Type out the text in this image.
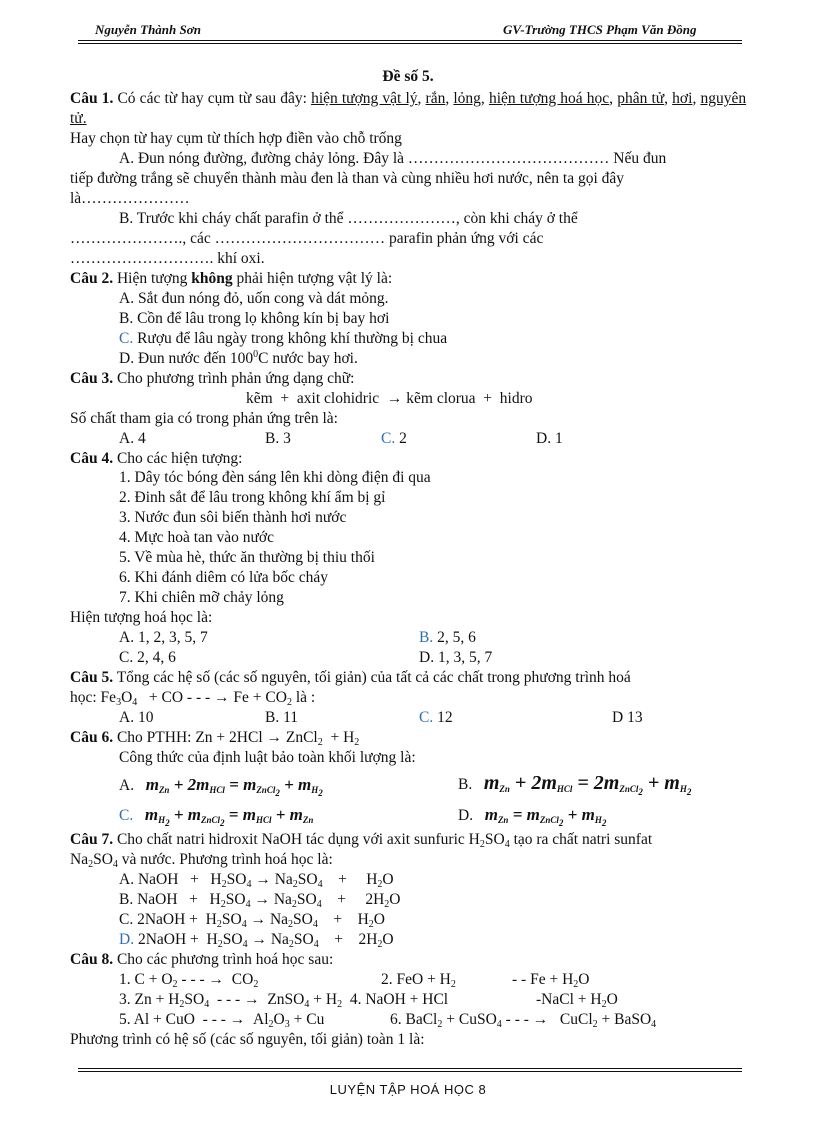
Nguyễn Thành Sơn	GV-Trường THCS Phạm Văn Đồng
Đề số 5.
Câu 1. Có các từ hay cụm từ sau đây: hiện tượng vật lý, rắn, lỏng, hiện tượng hoá học, phân tử, hơi, nguyên tử.
Hay chọn từ hay cụm từ thích hợp điền vào chỗ trống
A. Đun nóng đường, đường chảy lỏng. Đây là ………………………………… Nếu đun
tiếp đường trắng sẽ chuyển thành màu đen là than và cùng nhiều hơi nước, nên ta gọi đây
là…………………
B. Trước khi cháy chất parafin ở thể …………………, còn khi cháy ở thể
…………………., các …………………………… parafin phản ứng với các
………………………. khí oxi.
Câu 2. Hiện tượng không phải hiện tượng vật lý là:
A. Sắt đun nóng đỏ, uốn cong và dát mỏng.
B. Cồn để lâu trong lọ không kín bị bay hơi
C. Rượu để lâu ngày trong không khí thường bị chua
D. Đun nước đến $100^0C$ nước bay hơi.
Câu 3. Cho phương trình phản ứng dạng chữ:
kẽm  +  axit clohidric  → kẽm clorua  +  hidro
Số chất tham gia có trong phản ứng trên là:
A. 4	B. 3	C. 2	D. 1
Câu 4. Cho các hiện tượng:
1. Dây tóc bóng đèn sáng lên khi dòng điện đi qua
2. Đinh sắt để lâu trong không khí ẩm bị gỉ
3. Nước đun sôi biến thành hơi nước
4. Mực hoà tan vào nước
5. Về mùa hè, thức ăn thường bị thiu thối
6. Khi đánh diêm có lửa bốc cháy
7. Khi chiên mỡ chảy lỏng
Hiện tượng hoá học là:
A. 1, 2, 3, 5, 7	B. 2, 5, 6
C. 2, 4, 6	D. 1, 3, 5, 7
Câu 5. Tổng các hệ số (các số nguyên, tối giản) của tất cả các chất trong phương trình hoá
học: $Fe_3O_4$ + CO - - - → $Fe + CO_2$ là :
A. 10	B. 11	C. 12	D 13
Câu 6. Cho PTHH: Zn + 2HCl → ZnCl$_2$ + $H_2$
Công thức của định luật bảo toàn khối lượng là:
A. $m_{Zn} + 2m_{HCl} = m_{ZnCl_2} + m_{H_2}$	B. $m_{Zn} + 2m_{HCl} = 2m_{ZnCl_2} + m_{H_2}$
C. $m_{H_2} + m_{ZnCl_2} = m_{HCl} + m_{Zn}$	D. $m_{Zn} = m_{ZnCl_2} + m_{H_2}$
Câu 7. Cho chất natri hidroxit NaOH tác dụng với axit sunfuric $H_2SO_4$ tạo ra chất natri sunfat
$Na_2SO_4$ và nước. Phương trình hoá học là:
A. NaOH   +   $H_2SO_4 \to Na_2SO_4$    +     $H_2O$
B. NaOH   +   $H_2SO_4 \to Na_2SO_4$    +     $2H_2O$
C. 2NaOH +  $H_2SO_4 \to Na_2SO_4$    +    $H_2O$
D. 2NaOH +  $H_2SO_4 \to Na_2SO_4$    +    $2H_2O$
Câu 8. Cho các phương trình hoá học sau:
1. $C + O_2$ - - - →  $CO_2$	2. FeO + $H_2$	- - $Fe + H_2O$
3. $Zn + H_2SO_4$  - - - →  ZnSO$_4$ + $H_2$  4. NaOH + HCl	-NaCl + $H_2O$
5. Al + CuO  - - - →  $Al_2O_3 + Cu$	6. BaCl$_2$ + CuSO$_4$ - - - →   CuCl$_2$ + BaSO$_4$
Phương trình có hệ số (các số nguyên, tối giản) toàn 1 là:
LUYỆN TẬP HOÁ HỌC 8
